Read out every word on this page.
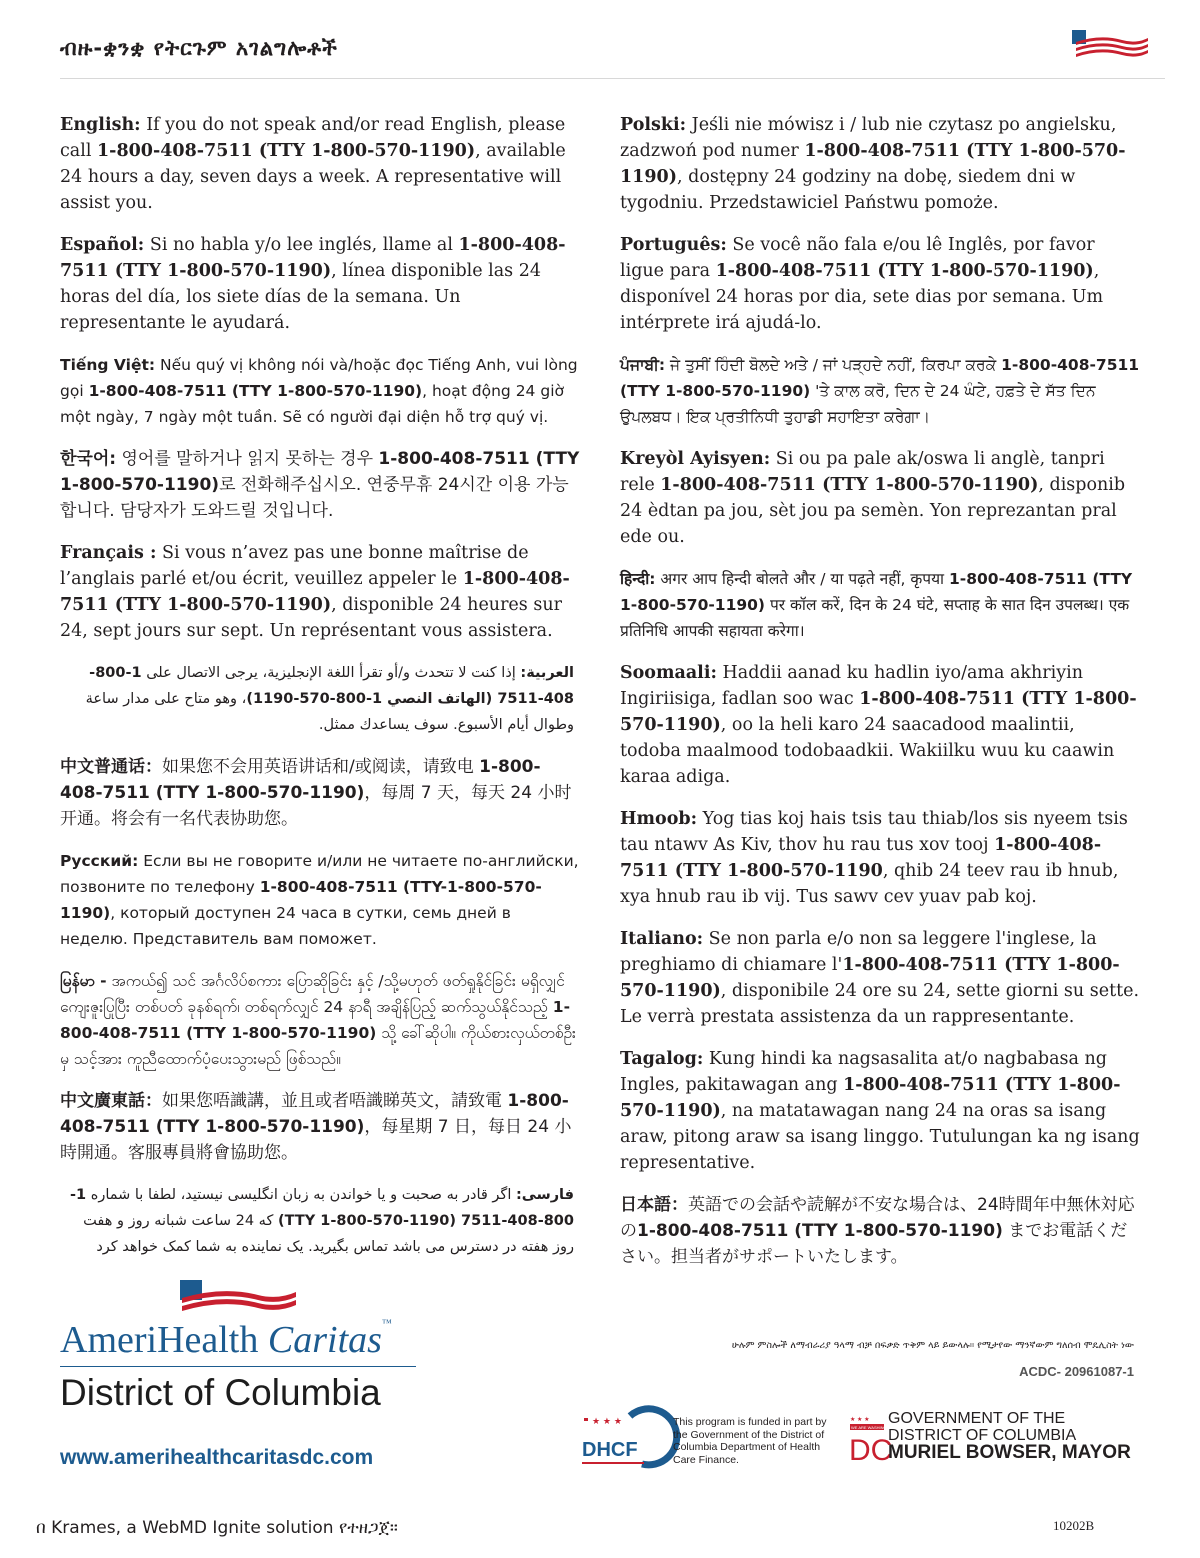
ብዙ-ቋንቋ የትርጉም አገልግሎቶች

English: If you do not speak and/or read English, please call 1-800-408-7511 (TTY 1-800-570-1190), available 24 hours a day, seven days a week. A representative will assist you.

Español: Si no habla y/o lee inglés, llame al 1-800-408-7511 (TTY 1-800-570-1190), línea disponible las 24 horas del día, los siete días de la semana. Un representante le ayudará.

Tiếng Việt: Nếu quý vị không nói và/hoặc đọc Tiếng Anh, vui lòng gọi 1-800-408-7511 (TTY 1-800-570-1190), hoạt động 24 giờ một ngày, 7 ngày một tuần. Sẽ có người đại diện hỗ trợ quý vị.

한국어: 영어를 말하거나 읽지 못하는 경우 1-800-408-7511 (TTY 1-800-570-1190)로 전화해주십시오. 연중무휴 24시간 이용 가능합니다. 담당자가 도와드릴 것입니다.

Français : Si vous n’avez pas une bonne maîtrise de l’anglais parlé et/ou écrit, veuillez appeler le 1-800-408-7511 (TTY 1-800-570-1190), disponible 24 heures sur 24, sept jours sur sept. Un représentant vous assistera.

العربية: إذا كنت لا تتحدث و/أو تقرأ اللغة الإنجليزية، يرجى الاتصال على 1-800-408-7511 (الهاتف النصي 1-800-570-1190)، وهو متاح على مدار ساعة وطوال أيام الأسبوع. سوف يساعدك ممثل.

中文普通话：如果您不会用英语讲话和/或阅读，请致电 1-800-408-7511 (TTY 1-800-570-1190)，每周 7 天，每天 24 小时开通。将会有一名代表协助您。

Русский: Если вы не говорите и/или не читаете по-английски, позвоните по телефону 1-800-408-7511 (TTY-1-800-570-1190), который доступен 24 часа в сутки, семь дней в неделю. Представитель вам поможет.

မြန်မာ - အကယ်၍ သင် အင်္ဂလိပ်စကား ပြောဆိုခြင်း နှင့် /သို့မဟုတ် ဖတ်ရှုနိုင်ခြင်း မရှိလျှင် ကျေးဇူးပြုပြီး တစ်ပတ် ခုနစ်ရက်၊ တစ်ရက်လျှင် 24 နာရီ အချိန်ပြည့် ဆက်သွယ်နိုင်သည့် 1-800-408-7511 (TTY 1-800-570-1190) သို့ ခေါ်ဆိုပါ။ ကိုယ်စားလှယ်တစ်ဦးမှ သင့်အား ကူညီထောက်ပံ့ပေးသွားမည် ဖြစ်သည်။

中文廣東話：如果您唔識講，並且或者唔識睇英文，請致電 1-800-408-7511 (TTY 1-800-570-1190)，每星期 7 日，每日 24 小時開通。客服專員將會協助您。

فارسی: اگر قادر به صحبت و یا خواندن به زبان انگلیسی نیستید، لطفا با شماره 1-800-408-7511 (TTY 1-800-570-1190) که 24 ساعت شبانه روز و هفت روز هفته در دسترس می باشد تماس بگیرید. یک نماینده به شما کمک خواهد کرد

Polski: Jeśli nie mówisz i / lub nie czytasz po angielsku, zadzwoń pod numer 1-800-408-7511 (TTY 1-800-570-1190), dostępny 24 godziny na dobę, siedem dni w tygodniu. Przedstawiciel Państwu pomoże.

Português: Se você não fala e/ou lê Inglês, por favor ligue para 1-800-408-7511 (TTY 1-800-570-1190), disponível 24 horas por dia, sete dias por semana. Um intérprete irá ajudá-lo.

ਪੰਜਾਬੀ: ਜੇ ਤੁਸੀਂ ਹਿੰਦੀ ਬੋਲਦੇ ਅਤੇ / ਜਾਂ ਪੜ੍ਹਦੇ ਨਹੀਂ, ਕਿਰਪਾ ਕਰਕੇ 1-800-408-7511 (TTY 1-800-570-1190) 'ਤੇ ਕਾਲ ਕਰੋ, ਦਿਨ ਦੇ 24 ਘੰਟੇ, ਹਫ਼ਤੇ ਦੇ ਸੱਤ ਦਿਨ ਉਪਲਬਧ। ਇਕ ਪ੍ਰਤੀਨਿਧੀ ਤੁਹਾਡੀ ਸਹਾਇਤਾ ਕਰੇਗਾ।

Kreyòl Ayisyen: Si ou pa pale ak/oswa li anglè, tanpri rele 1-800-408-7511 (TTY 1-800-570-1190), disponib 24 èdtan pa jou, sèt jou pa semèn. Yon reprezantan pral ede ou.

हिन्दी: अगर आप हिन्दी बोलते और / या पढ़ते नहीं, कृपया 1-800-408-7511 (TTY 1-800-570-1190) पर कॉल करें, दिन के 24 घंटे, सप्ताह के सात दिन उपलब्ध। एक प्रतिनिधि आपकी सहायता करेगा।

Soomaali: Haddii aanad ku hadlin iyo/ama akhriyin Ingiriisiga, fadlan soo wac 1-800-408-7511 (TTY 1-800-570-1190), oo la heli karo 24 saacadood maalintii, todoba maalmood todobaadkii. Wakiilku wuu ku caawin karaa adiga.

Hmoob: Yog tias koj hais tsis tau thiab/los sis nyeem tsis tau ntawv As Kiv, thov hu rau tus xov tooj 1-800-408-7511 (TTY 1-800-570-1190, qhib 24 teev rau ib hnub, xya hnub rau ib vij. Tus sawv cev yuav pab koj.

Italiano: Se non parla e/o non sa leggere l'inglese, la preghiamo di chiamare l'1-800-408-7511 (TTY 1-800-570-1190), disponibile 24 ore su 24, sette giorni su sette. Le verrà prestata assistenza da un rappresentante.

Tagalog: Kung hindi ka nagsasalita at/o nagbabasa ng Ingles, pakitawagan ang 1-800-408-7511 (TTY 1-800-570-1190), na matatawagan nang 24 na oras sa isang araw, pitong araw sa isang linggo. Tutulungan ka ng isang representative.

日本語：英語での会話や読解が不安な場合は、24時間年中無休対応の1-800-408-7511 (TTY 1-800-570-1190) までお電話ください。担当者がサポートいたします。

AmeriHealth Caritas™
District of Columbia
www.amerihealthcaritasdc.com
ሁሉም ምስሎች ለማብራሪያ ዓላማ ብቻ በፍቃድ ጥቅም ላይ ይውላሉ። የሚታየው ማንኛውም ግለሰብ ሞዴሊስት ነው
ACDC- 20961087-1
★ ★ ★
DHCF
This program is funded in part by the Government of the District of Columbia Department of Health Care Finance.
★ ★ ★
WE ARE WASHINGTON
DC
GOVERNMENT OF THE
DISTRICT OF COLUMBIA
MURIEL BOWSER, MAYOR
በ Krames, a WebMD Ignite solution የተዘጋጀ።	10202B
